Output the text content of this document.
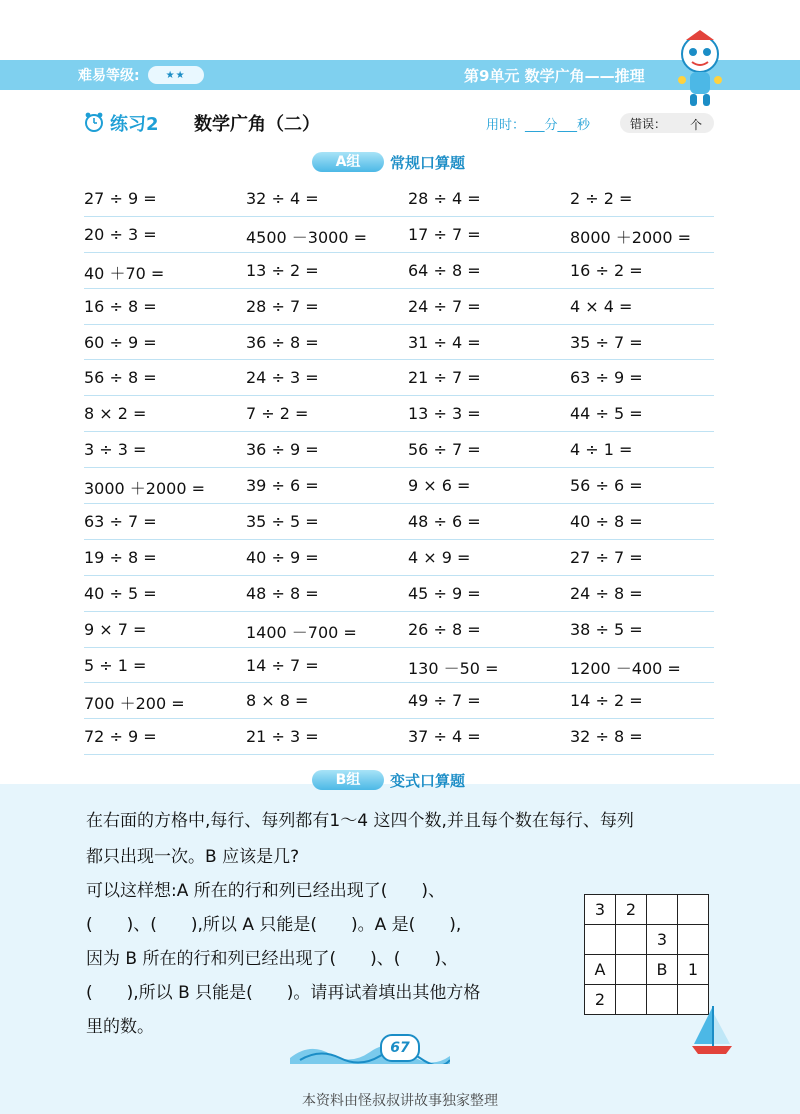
难易等级:	★★	第9单元 数学广角——推理
练习2 数学广角（二）	用时：___分___秒	错误： 个
A组	常规口算题
27 ÷ 9 =	32 ÷ 4 =	28 ÷ 4 =	2 ÷ 2 =
20 ÷ 3 =	4500 －3000 =	17 ÷ 7 =	8000 ＋2000 =
40 ＋70 =	13 ÷ 2 =	64 ÷ 8 =	16 ÷ 2 =
16 ÷ 8 =	28 ÷ 7 =	24 ÷ 7 =	4 × 4 =
60 ÷ 9 =	36 ÷ 8 =	31 ÷ 4 =	35 ÷ 7 =
56 ÷ 8 =	24 ÷ 3 =	21 ÷ 7 =	63 ÷ 9 =
8 × 2 =	7 ÷ 2 =	13 ÷ 3 =	44 ÷ 5 =
3 ÷ 3 =	36 ÷ 9 =	56 ÷ 7 =	4 ÷ 1 =
3000 ＋2000 =	39 ÷ 6 =	9 × 6 =	56 ÷ 6 =
63 ÷ 7 =	35 ÷ 5 =	48 ÷ 6 =	40 ÷ 8 =
19 ÷ 8 =	40 ÷ 9 =	4 × 9 =	27 ÷ 7 =
40 ÷ 5 =	48 ÷ 8 =	45 ÷ 9 =	24 ÷ 8 =
9 × 7 =	1400 －700 =	26 ÷ 8 =	38 ÷ 5 =
5 ÷ 1 =	14 ÷ 7 =	130 －50 =	1200 －400 =
700 ＋200 =	8 × 8 =	49 ÷ 7 =	14 ÷ 2 =
72 ÷ 9 =	21 ÷ 3 =	37 ÷ 4 =	32 ÷ 8 =
B组	变式口算题
在右面的方格中,每行、每列都有1～4 这四个数,并且每个数在每行、每列
都只出现一次。B 应该是几?
可以这样想:A 所在的行和列已经出现了(　　)、
(　　)、(　　),所以 A 只能是(　　)。A 是(　　),
因为 B 所在的行和列已经出现了(　　)、(　　)、
(　　),所以 B 只能是(　　)。请再试着填出其他方格
里的数。
3	2		
		3	
A		B	1
2			
67
本资料由怪叔叔讲故事独家整理
